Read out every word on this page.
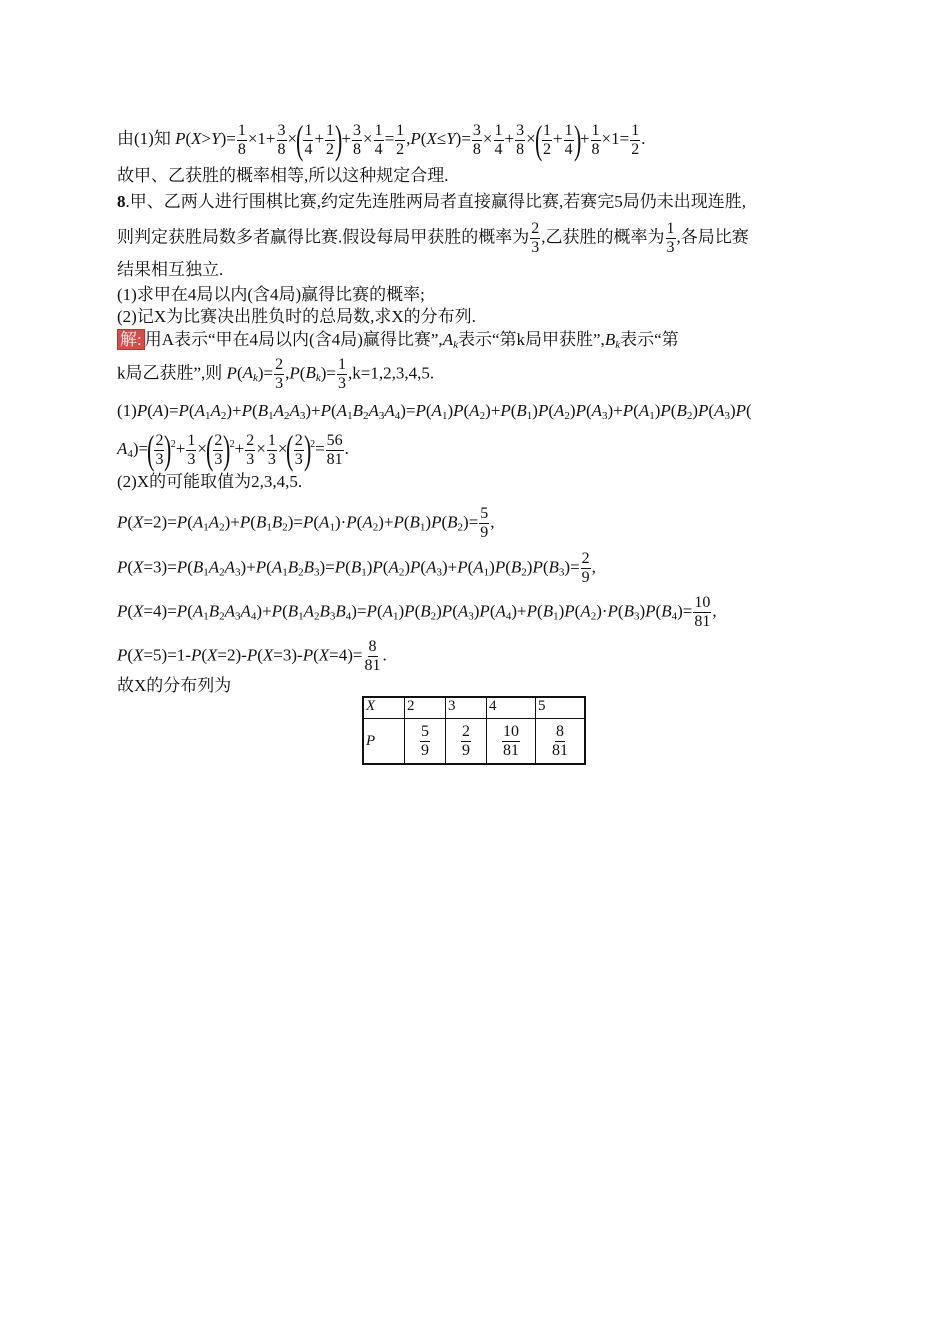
由(1)知 $P(X>Y)= \frac{1}{8} \times 1+ \frac{3}{8}$ ×( $\frac{1}{4} + \frac{1}{2}$ )+ $\frac{3}{8} \times \frac{1}{4} = \frac{1}{2} ,P(X\le Y)= \frac{3}{8} \times \frac{1}{4} + \frac{3}{8}$ ×( $\frac{1}{2} + \frac{1}{4}$ )+ $\frac{1}{8} \times 1= \frac{1}{2}$ .
故甲、乙获胜的概率相等,所以这种规定合理.
8.甲、乙两人进行围棋比赛,约定先连胜两局者直接赢得比赛,若赛完5局仍未出现连胜,
则判定获胜局数多者赢得比赛.假设每局甲获胜的概率为 $\frac{2}{3}$ ,乙获胜的概率为 $\frac{1}{3}$ ,各局比赛
结果相互独立.
(1)求甲在4局以内(含4局)赢得比赛的概率;
(2)记X为比赛决出胜负时的总局数,求X的分布列.
解: 用A表示“甲在4局以内(含4局)赢得比赛$”,A_k$表示“第k局甲获胜$”,B_k$表示“第
k局乙获胜”,则 $P(A_k)= \frac{2}{3} ,P(B_k)= \frac{1}{3} ,k=1,2,3,4,5$.
$(1)P(A)=P(A_1A_2)+P(B_1A_2A_3)+P(A_1B_2A_3A_4)=P(A_1)P(A_2)+P(B_1)P(A_2)P(A_3)+P(A_1)P(B_2)P(A_3)P$(
$A_4)=( \frac{2}{3} )^2+ \frac{1}{3}$ ×( $\frac{2}{3} )^2+ \frac{2}{3} \times \frac{1}{3}$ ×( $\frac{2}{3} )^2= \frac{56}{81}$ .
(2)X的可能取值为2,3,4,5.
$P(X=2)=P(A_1A_2)+P(B_1B_2)=P(A_1)\cdot P(A_2)+P(B_1)P(B_2)= \frac{5}{9}$ ,
$P(X=3)=P(B_1A_2A_3)+P(A_1B_2B_3)=P(B_1)P(A_2)P(A_3)+P(A_1)P(B_2)P(B_3)= \frac{2}{9}$ ,
$P(X=4)=P(A_1B_2A_3A_4)+P(B_1A_2B_3B_4)=P(A_1)P(B_2)P(A_3)P(A_4)+P(B_1)P(A_2)\cdot P(B_3)P(B_4)= \frac{10}{81}$ ,
$P(X=5)=1-P(X=2)-P(X=3)-P(X=4)= \frac{8}{81}$ .
故X的分布列为
X	2	3	4	5
P	$\frac{5}{9}$	$\frac{2}{9}$	$\frac{10}{81}$	$\frac{8}{81}$
